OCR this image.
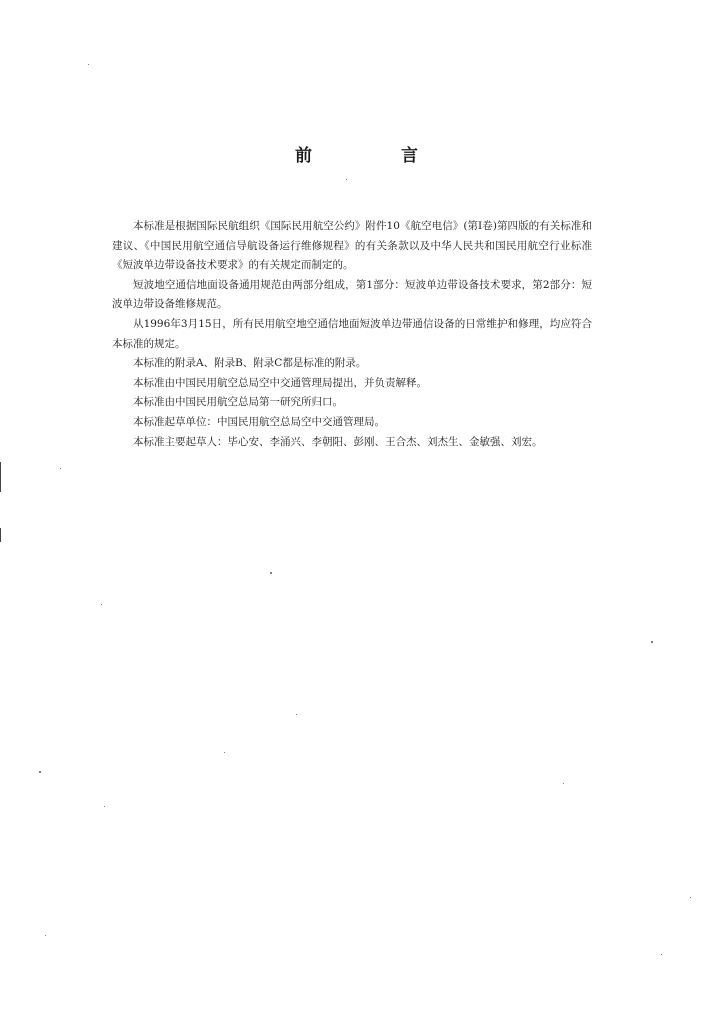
前　言

本标准是根据国际民航组织《国际民用航空公约》附件10《航空电信》(第Ⅰ卷)第四版的有关标准和建议、《中国民用航空通信导航设备运行维修规程》的有关条款以及中华人民共和国民用航空行业标准《短波单边带设备技术要求》的有关规定而制定的。

短波地空通信地面设备通用规范由两部分组成，第1部分：短波单边带设备技术要求，第2部分：短波单边带设备维修规范。

从1996年3月15日，所有民用航空地空通信地面短波单边带通信设备的日常维护和修理，均应符合本标准的规定。

本标准的附录A、附录B、附录C都是标准的附录。

本标准由中国民用航空总局空中交通管理局提出，并负责解释。

本标准由中国民用航空总局第一研究所归口。

本标准起草单位：中国民用航空总局空中交通管理局。

本标准主要起草人：毕心安、李涌兴、李朝阳、彭刚、王合杰、刘杰生、金敏强、刘宏。
